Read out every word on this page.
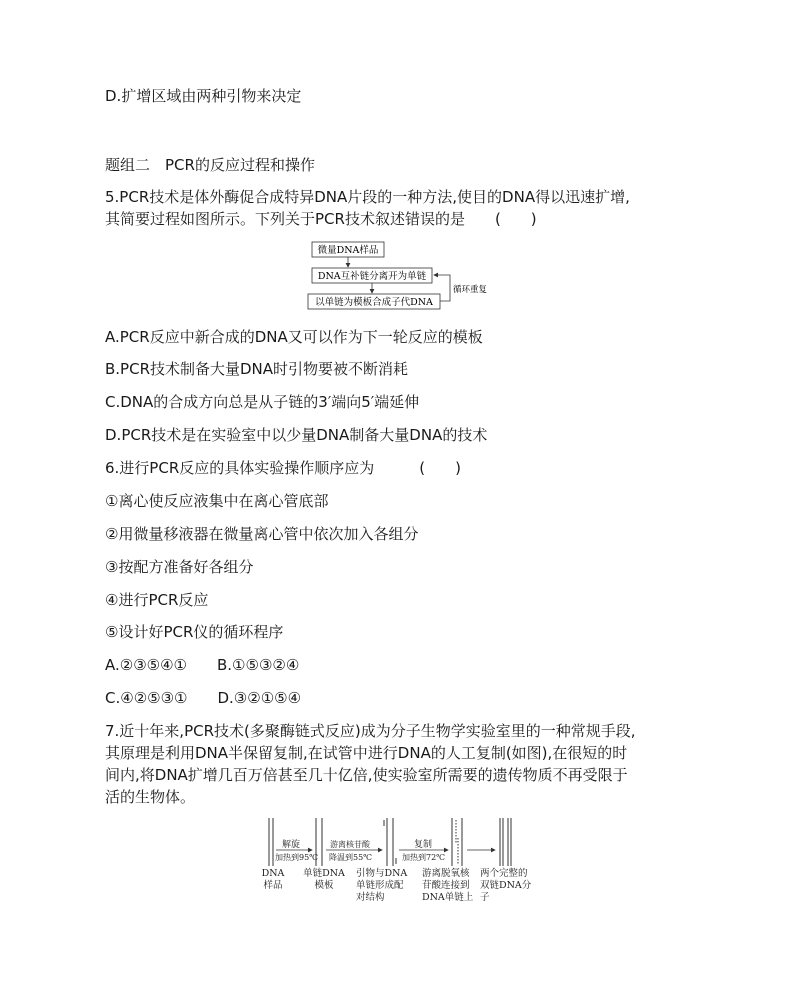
D.扩增区域由两种引物来决定
题组二　PCR的反应过程和操作
5.PCR技术是体外酶促合成特异DNA片段的一种方法,使目的DNA得以迅速扩增,
其简要过程如图所示。下列关于PCR技术叙述错误的是　　(　　)
微量DNA样品
DNA互补链分离开为单链
以单链为模板合成子代DNA
循环重复
A.PCR反应中新合成的DNA又可以作为下一轮反应的模板
B.PCR技术制备大量DNA时引物要被不断消耗
C.DNA的合成方向总是从子链的3′端向5′端延伸
D.PCR技术是在实验室中以少量DNA制备大量DNA的技术
6.进行PCR反应的具体实验操作顺序应为　　　(　　)
①离心使反应液集中在离心管底部
②用微量移液器在微量离心管中依次加入各组分
③按配方准备好各组分
④进行PCR反应
⑤设计好PCR仪的循环程序
A.②③⑤④①　　B.①⑤③②④
C.④②⑤③①　　D.③②①⑤④
7.近十年来,PCR技术(多聚酶链式反应)成为分子生物学实验室里的一种常规手段,
其原理是利用DNA半保留复制,在试管中进行DNA的人工复制(如图),在很短的时
间内,将DNA扩增几百万倍甚至几十亿倍,使实验室所需要的遗传物质不再受限于
活的生物体。
解旋
加热到95℃
游离核苷酸
降温到55℃
复制
加热到72℃
DNA
样品
单链DNA
模板
引物与DNA
单链形成配
对结构
游离脱氧核
苷酸连接到
DNA单链上
两个完整的
双链DNA分
子
